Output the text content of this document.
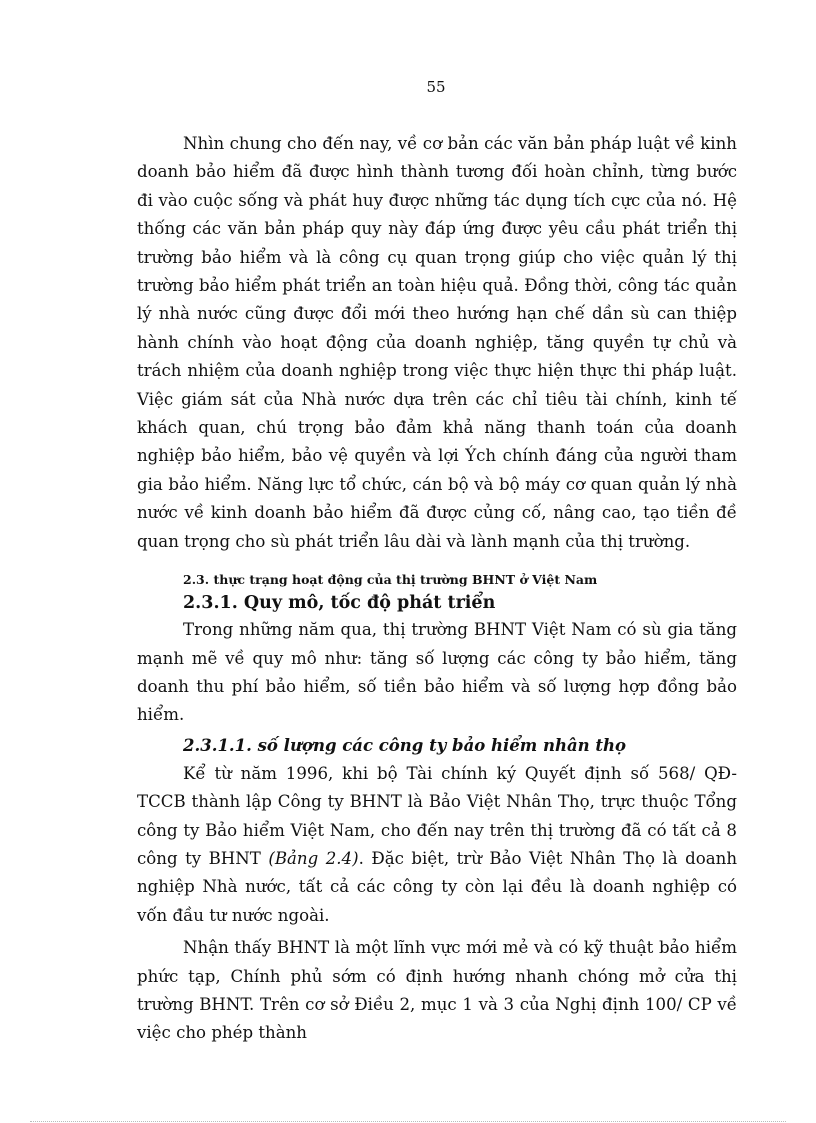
55

Nhìn chung cho đến nay, về cơ bản các văn bản pháp luật về kinh doanh bảo hiểm đã được hình thành tương đối hoàn chỉnh, từng bước đi vào cuộc sống và phát huy được những tác dụng tích cực của nó. Hệ thống các văn bản pháp quy này đáp ứng được yêu cầu phát triển thị trường bảo hiểm và là công cụ quan trọng giúp cho việc quản lý thị trường bảo hiểm phát triển an toàn hiệu quả. Đồng thời, công tác quản lý nhà nước cũng được đổi mới theo hướng hạn chế dần sù can thiệp hành chính vào hoạt động của doanh nghiệp, tăng quyền tự chủ và trách nhiệm của doanh nghiệp trong việc thực hiện thực thi pháp luật. Việc giám sát của Nhà nước dựa trên các chỉ tiêu tài chính, kinh tế khách quan, chú trọng bảo đảm khả năng thanh toán của doanh nghiệp bảo hiểm, bảo vệ quyền và lợi Ých chính đáng của người tham gia bảo hiểm. Năng lực tổ chức, cán bộ và bộ máy cơ quan quản lý nhà nước về kinh doanh bảo hiểm đã được củng cố, nâng cao, tạo tiền đề quan trọng cho sù phát triển lâu dài và lành mạnh của thị trường.

2.3. thực trạng hoạt động của thị trường BHNT ở Việt Nam
2.3.1. Quy mô, tốc độ phát triển

Trong những năm qua, thị trường BHNT Việt Nam có sù gia tăng mạnh mẽ về quy mô như: tăng số lượng các công ty bảo hiểm, tăng doanh thu phí bảo hiểm, số tiền bảo hiểm và số lượng hợp đồng bảo hiểm.

2.3.1.1. số lượng các công ty bảo hiểm nhân thọ

Kể từ năm 1996, khi bộ Tài chính ký Quyết định số 568/ QĐ-TCCB thành lập Công ty BHNT là Bảo Việt Nhân Thọ, trực thuộc Tổng công ty Bảo hiểm Việt Nam, cho đến nay trên thị trường đã có tất cả 8 công ty BHNT (Bảng 2.4). Đặc biệt, trừ Bảo Việt Nhân Thọ là doanh nghiệp Nhà nước, tất cả các công ty còn lại đều là doanh nghiệp có vốn đầu tư nước ngoài.

Nhận thấy BHNT là một lĩnh vực mới mẻ và có kỹ thuật bảo hiểm phức tạp, Chính phủ sớm có định hướng nhanh chóng mở cửa thị trường BHNT. Trên cơ sở Điều 2, mục 1 và 3 của Nghị định 100/ CP về việc cho phép thành
